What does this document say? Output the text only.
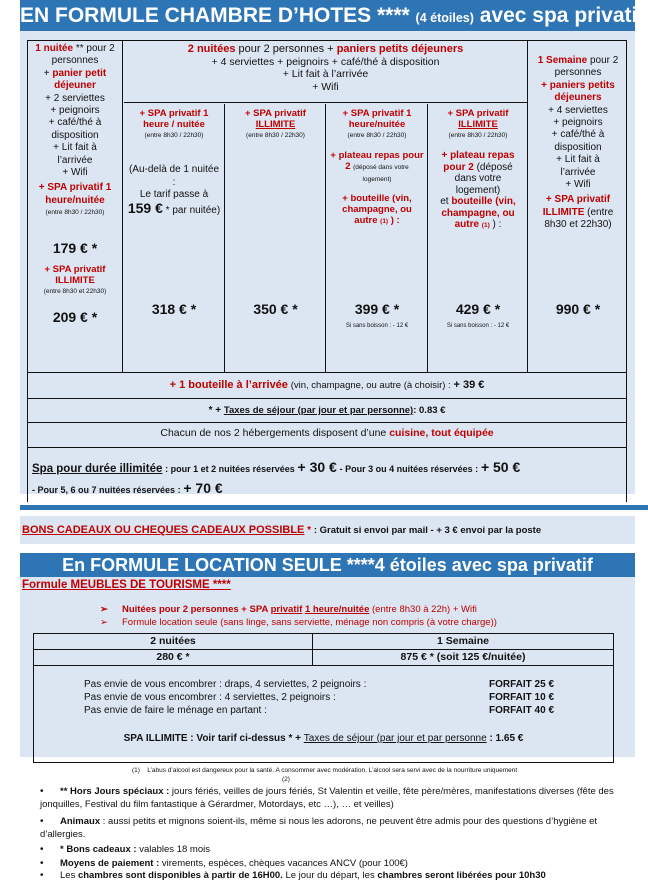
EN FORMULE CHAMBRE D’HOTES **** (4 étoiles) avec spa privatif
1 nuitée ** pour 2 personnes
+ panier petit déjeuner
+ 2 serviettes
+ peignoirs
+ café/thé à disposition
+ Lit fait à l’arrivée
+ Wifi
+ SPA privatif 1 heure/nuitée
(entre 8h30 / 22h30)
179 € *
+ SPA privatif ILLIMITE
(entre 8h30 et 22h30)
209 € *
2 nuitées pour 2 personnes + paniers petits déjeuners
+ 4 serviettes + peignoirs + café/thé à disposition
+ Lit fait à l’arrivée
+ Wifi
+ SPA privatif 1 heure / nuitée
(entre 8h30 / 22h30)
(Au-delà de 1 nuitée :
Le tarif passe à
159 € * par nuitée)
318 € *
+ SPA privatif
ILLIMITE
(entre 8h30 / 22h30)
350 € *
+ SPA privatif 1 heure/nuitée
(entre 8h30 / 22h30)
+ plateau repas pour 2 (déposé dans votre logement)
+ bouteille (vin, champagne, ou autre (1) ) :
399 € *
Si sans boisson : - 12 €
+ SPA privatif
ILLIMITE
(entre 8h30 / 22h30)
+ plateau repas pour 2 (déposé dans votre logement)
et bouteille (vin, champagne, ou autre (1) ) :
429 € *
Si sans boisson : - 12 €
1 Semaine pour 2 personnes
+ paniers petits déjeuners
+ 4 serviettes
+ peignoirs
+ café/thé à disposition
+ Lit fait à l’arrivée
+ Wifi
+ SPA privatif ILLIMITE (entre 8h30 et 22h30)
990 € *
+ 1 bouteille à l’arrivée (vin, champagne, ou autre (à choisir) : + 39 €
* + Taxes de séjour (par jour et par personne): 0.83 €
Chacun de nos 2 hébergements disposent d’une cuisine, tout équipée
Spa pour durée illimitée : pour 1 et 2 nuitées réservées + 30 € - Pour 3 ou 4 nuitées réservées : + 50 €
- Pour 5, 6 ou 7 nuitées réservées : + 70 €
BONS CADEAUX OU CHEQUES CADEAUX POSSIBLE * : Gratuit si envoi par mail - + 3 € envoi par la poste
En FORMULE LOCATION SEULE ****4 étoiles avec spa privatif
Formule MEUBLES DE TOURISME ****
➢ Nuitées pour 2 personnes + SPA privatif 1 heure/nuitée (entre 8h30 à 22h) + Wifi
➢ Formule location seule (sans linge, sans serviette, ménage non compris (à votre charge))
2 nuitées	1 Semaine
280 € *	875 € * (soit 125 €/nuitée)
Pas envie de vous encombrer : draps, 4 serviettes, 2 peignoirs :	FORFAIT 25 €
Pas envie de vous encombrer : 4 serviettes, 2 peignoirs :	FORFAIT 10 €
Pas envie de faire le ménage en partant :	FORFAIT 40 €
SPA ILLIMITE : Voir tarif ci-dessus * + Taxes de séjour (par jour et par personne : 1.65 €
(1) L’abus d’alcool est dangereux pour la santé. A consommer avec modération. L’alcool sera servi avec de la nourriture uniquement
(2)
•	** Hors Jours spéciaux : jours fériés, veilles de jours fériés, St Valentin et veille, fête père/mères, manifestations diverses (fête des jonquilles, Festival du film fantastique à Gérardmer, Motordays, etc …), … et veilles)
•	Animaux : aussi petits et mignons soient-ils, même si nous les adorons, ne peuvent être admis pour des questions d’hygiène et d’allergies.
•	* Bons cadeaux : valables 18 mois
•	Moyens de paiement : virements, espèces, chèques vacances ANCV (pour 100€)
•	Les chambres sont disponibles à partir de 16H00. Le jour du départ, les chambres seront libérées pour 10h30
